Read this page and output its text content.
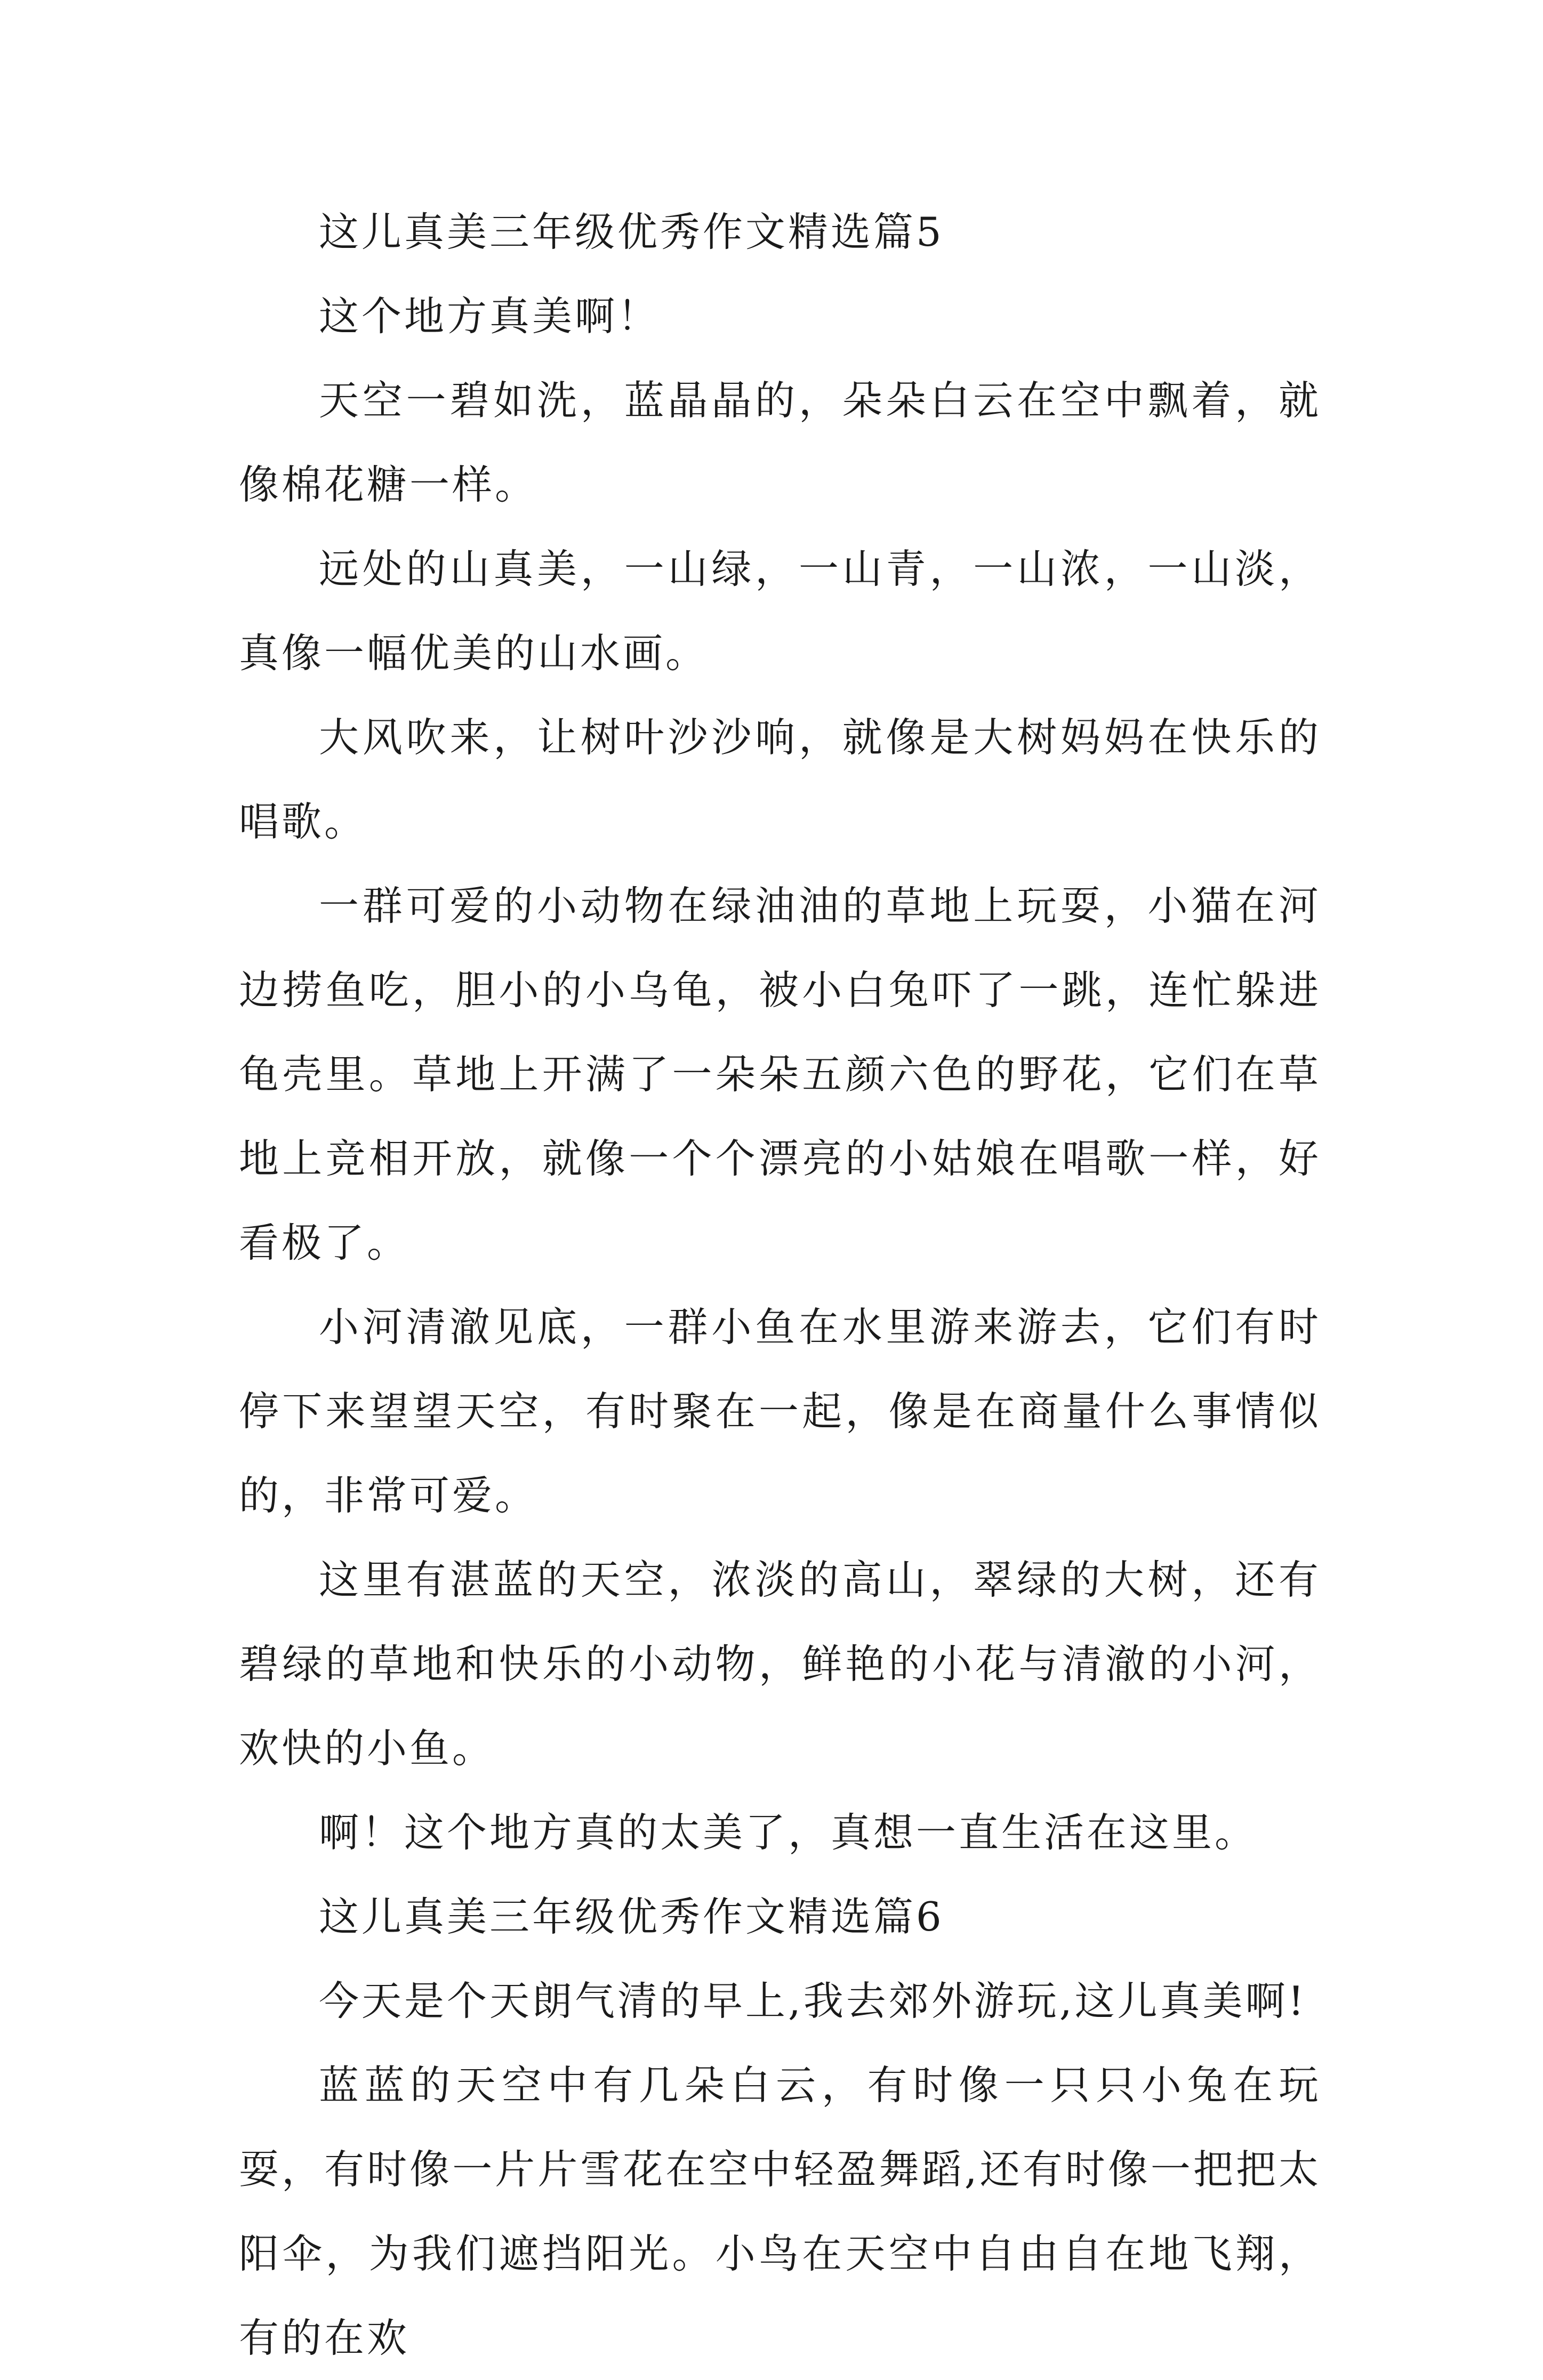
这儿真美三年级优秀作文精选篇5

这个地方真美啊！

天空一碧如洗，蓝晶晶的，朵朵白云在空中飘着，就像棉花糖一样。

远处的山真美，一山绿，一山青，一山浓，一山淡，真像一幅优美的山水画。

大风吹来，让树叶沙沙响，就像是大树妈妈在快乐的唱歌。

一群可爱的小动物在绿油油的草地上玩耍，小猫在河边捞鱼吃，胆小的小乌龟，被小白兔吓了一跳，连忙躲进龟壳里。草地上开满了一朵朵五颜六色的野花，它们在草地上竞相开放，就像一个个漂亮的小姑娘在唱歌一样，好看极了。

小河清澈见底，一群小鱼在水里游来游去，它们有时停下来望望天空，有时聚在一起，像是在商量什么事情似的，非常可爱。

这里有湛蓝的天空，浓淡的高山，翠绿的大树，还有碧绿的草地和快乐的小动物，鲜艳的小花与清澈的小河，欢快的小鱼。

啊！这个地方真的太美了，真想一直生活在这里。

这儿真美三年级优秀作文精选篇6

今天是个天朗气清的早上,我去郊外游玩,这儿真美啊!

蓝蓝的天空中有几朵白云，有时像一只只小兔在玩耍，有时像一片片雪花在空中轻盈舞蹈,还有时像一把把太阳伞，为我们遮挡阳光。小鸟在天空中自由自在地飞翔，有的在欢
